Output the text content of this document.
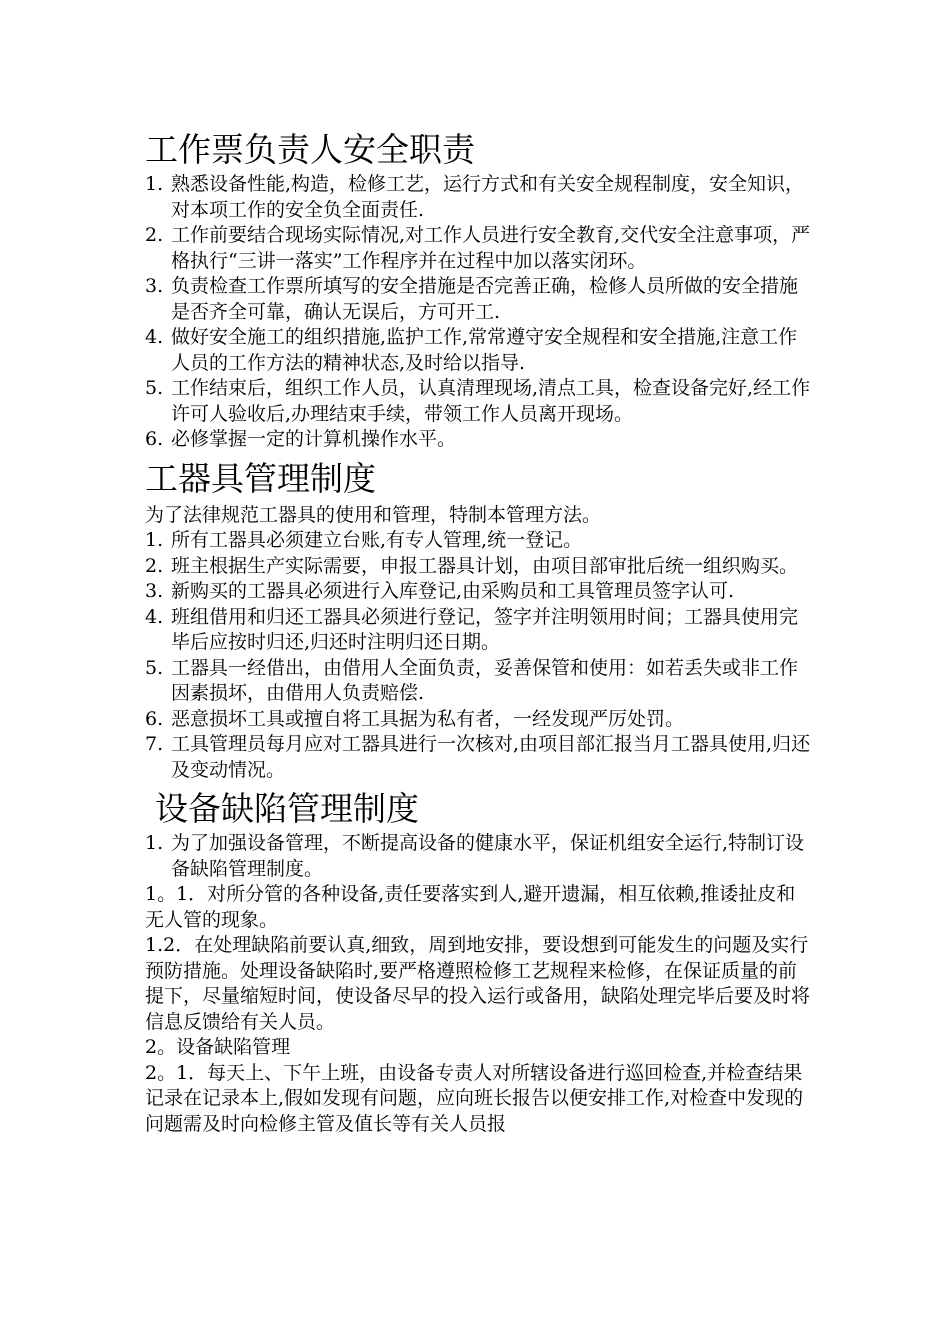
工作票负责人安全职责
1. 熟悉设备性能,构造，检修工艺，运行方式和有关安全规程制度，安全知识，对本项工作的安全负全面责任.
2. 工作前要结合现场实际情况,对工作人员进行安全教育,交代安全注意事项，严格执行“三讲一落实”工作程序并在过程中加以落实闭环。
3. 负责检查工作票所填写的安全措施是否完善正确，检修人员所做的安全措施是否齐全可靠，确认无误后，方可开工.
4. 做好安全施工的组织措施,监护工作,常常遵守安全规程和安全措施,注意工作人员的工作方法的精神状态,及时给以指导.
5. 工作结束后，组织工作人员，认真清理现场,清点工具，检查设备完好,经工作许可人验收后,办理结束手续，带领工作人员离开现场。
6. 必修掌握一定的计算机操作水平。
工器具管理制度

为了法律规范工器具的使用和管理，特制本管理方法。

1. 所有工器具必须建立台账,有专人管理,统一登记。
2. 班主根据生产实际需要，申报工器具计划，由项目部审批后统一组织购买。
3. 新购买的工器具必须进行入库登记,由采购员和工具管理员签字认可.
4. 班组借用和归还工器具必须进行登记，签字并注明领用时间；工器具使用完毕后应按时归还,归还时注明归还日期。
5. 工器具一经借出，由借用人全面负责，妥善保管和使用：如若丢失或非工作因素损坏，由借用人负责赔偿.
6. 恶意损坏工具或擅自将工具据为私有者，一经发现严厉处罚。
7. 工具管理员每月应对工器具进行一次核对,由项目部汇报当月工器具使用,归还及变动情况。
设备缺陷管理制度
1. 为了加强设备管理，不断提高设备的健康水平，保证机组安全运行,特制订设备缺陷管理制度。

1。1．对所分管的各种设备,责任要落实到人,避开遗漏，相互依赖,推诿扯皮和无人管的现象。

1.2．在处理缺陷前要认真,细致，周到地安排，要设想到可能发生的问题及实行预防措施。处理设备缺陷时,要严格遵照检修工艺规程来检修，在保证质量的前提下，尽量缩短时间，使设备尽早的投入运行或备用，缺陷处理完毕后要及时将信息反馈给有关人员。

2。设备缺陷管理

2。1．每天上、下午上班，由设备专责人对所辖设备进行巡回检查,并检查结果记录在记录本上,假如发现有问题，应向班长报告以便安排工作,对检查中发现的问题需及时向检修主管及值长等有关人员报
